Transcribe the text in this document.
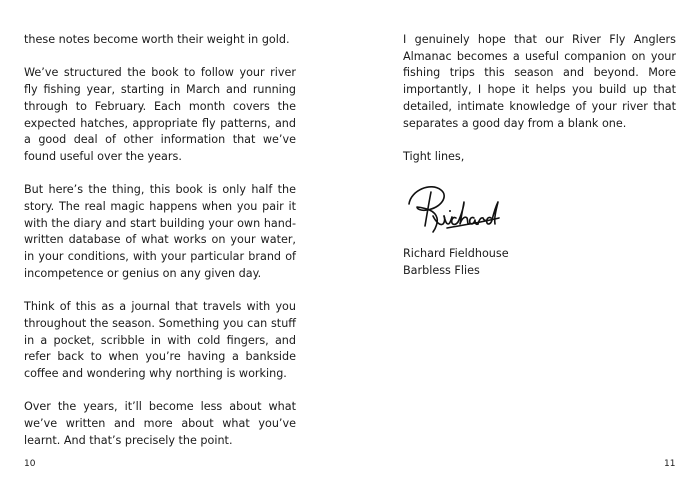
these notes become worth their weight in gold.

We’ve structured the book to follow your river fly fishing year, starting in March and running through to February. Each month covers the expected hatches, appropriate fly patterns, and a good deal of other information that we’ve found useful over the years.

But here’s the thing, this book is only half the story. The real magic happens when you pair it with the diary and start building your own hand-written database of what works on your water, in your conditions, with your particular brand of incompetence or genius on any given day.

Think of this as a journal that travels with you throughout the season. Something you can stuff in a pocket, scribble in with cold fingers, and refer back to when you’re having a bankside coffee and wondering why northing is working.

Over the years, it’ll become less about what we’ve written and more about what you’ve learnt. And that’s precisely the point.

10

I genuinely hope that our River Fly Anglers Almanac becomes a useful companion on your fishing trips this season and beyond. More importantly, I hope it helps you build up that detailed, intimate knowledge of your river that separates a good day from a blank one.

Tight lines,

Richard Fieldhouse
Barbless Flies
11
